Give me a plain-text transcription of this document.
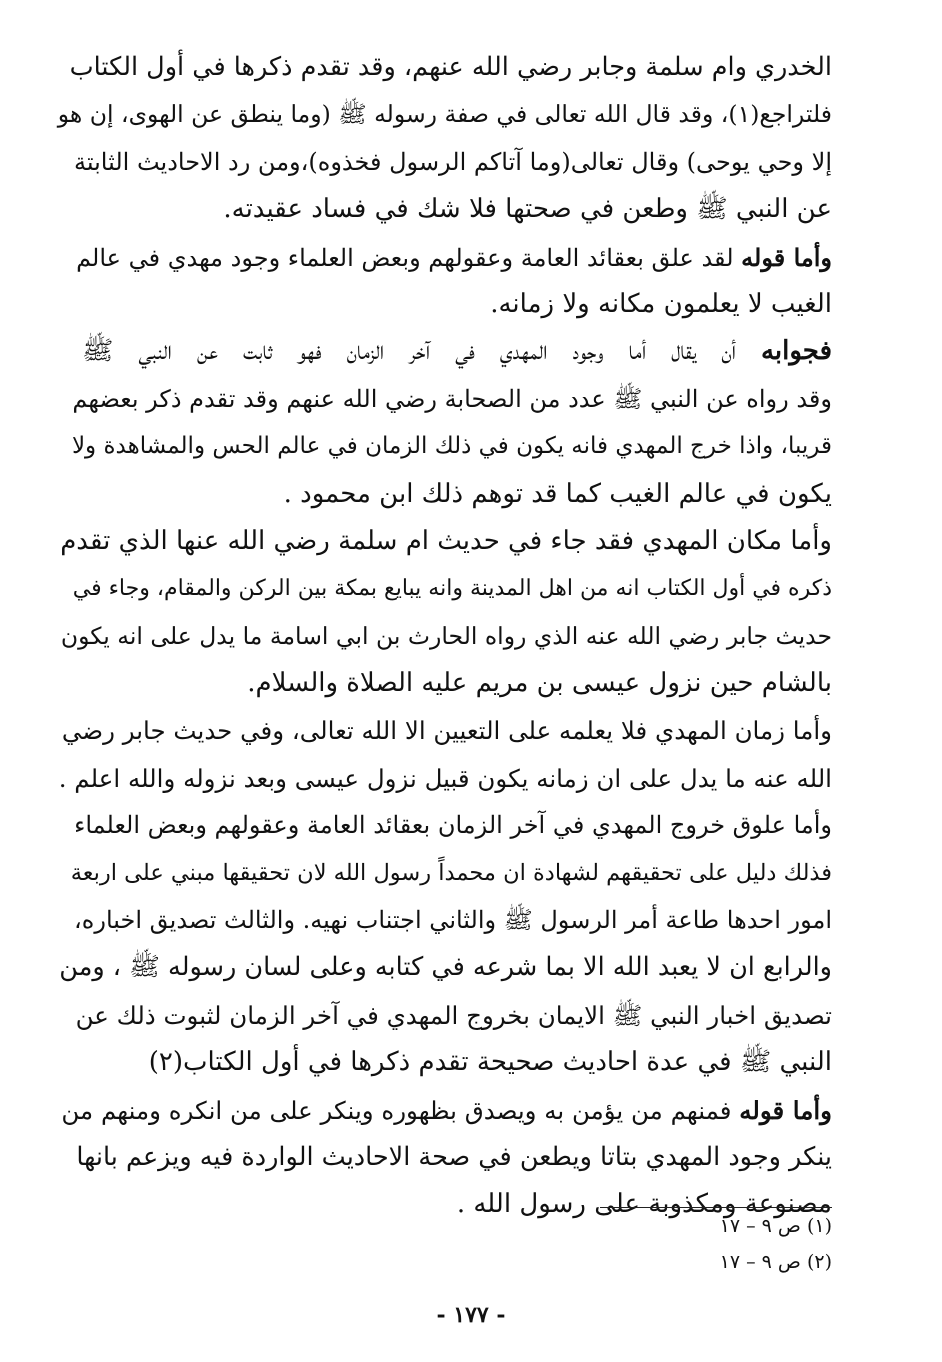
الخدري وام سلمة وجابر رضي الله عنهم، وقد تقدم ذكرها في أول الكتاب
فلتراجع(١)، وقد قال الله تعالى في صفة رسوله ﷺ (وما ينطق عن الهوى، إن هو
إلا وحي يوحى) وقال تعالى(وما آتاكم الرسول فخذوه)،ومن رد الاحاديث الثابتة
عن النبي ﷺ وطعن في صحتها فلا شك في فساد عقيدته.
وأما قوله لقد علق بعقائد العامة وعقولهم وبعض العلماء وجود مهدي في عالم
الغيب لا يعلمون مكانه ولا زمانه.
فجوابه أن يقال أما وجود المهدي في آخر الزمان فهو ثابت عن النبي ﷺ
وقد رواه عن النبي ﷺ عدد من الصحابة رضي الله عنهم وقد تقدم ذكر بعضهم
قريبا، واذا خرج المهدي فانه يكون في ذلك الزمان في عالم الحس والمشاهدة ولا
يكون في عالم الغيب كما قد توهم ذلك ابن محمود .
وأما مكان المهدي فقد جاء في حديث ام سلمة رضي الله عنها الذي تقدم
ذكره في أول الكتاب انه من اهل المدينة وانه يبايع بمكة بين الركن والمقام، وجاء في
حديث جابر رضي الله عنه الذي رواه الحارث بن ابي اسامة ما يدل على انه يكون
بالشام حين نزول عيسى بن مريم عليه الصلاة والسلام.
وأما زمان المهدي فلا يعلمه على التعيين الا الله تعالى، وفي حديث جابر رضي
الله عنه ما يدل على ان زمانه يكون قبيل نزول عيسى وبعد نزوله والله اعلم .
وأما علوق خروج المهدي في آخر الزمان بعقائد العامة وعقولهم وبعض العلماء
فذلك دليل على تحقيقهم لشهادة ان محمداً رسول الله لان تحقيقها مبني على اربعة
امور احدها طاعة أمر الرسول ﷺ والثاني اجتناب نهيه. والثالث تصديق اخباره،
والرابع ان لا يعبد الله الا بما شرعه في كتابه وعلى لسان رسوله ﷺ ، ومن
تصديق اخبار النبي ﷺ الايمان بخروج المهدي في آخر الزمان لثبوت ذلك عن
النبي ﷺ في عدة احاديث صحيحة تقدم ذكرها في أول الكتاب(٢)
وأما قوله فمنهم من يؤمن به ويصدق بظهوره وينكر على من انكره ومنهم من
ينكر وجود المهدي بتاتا ويطعن في صحة الاحاديث الواردة فيه ويزعم بانها
مصنوعة ومكذوبة على رسول الله .
(١) ص ٩ – ١٧
(٢) ص ٩ – ١٧
- ١٧٧ -
